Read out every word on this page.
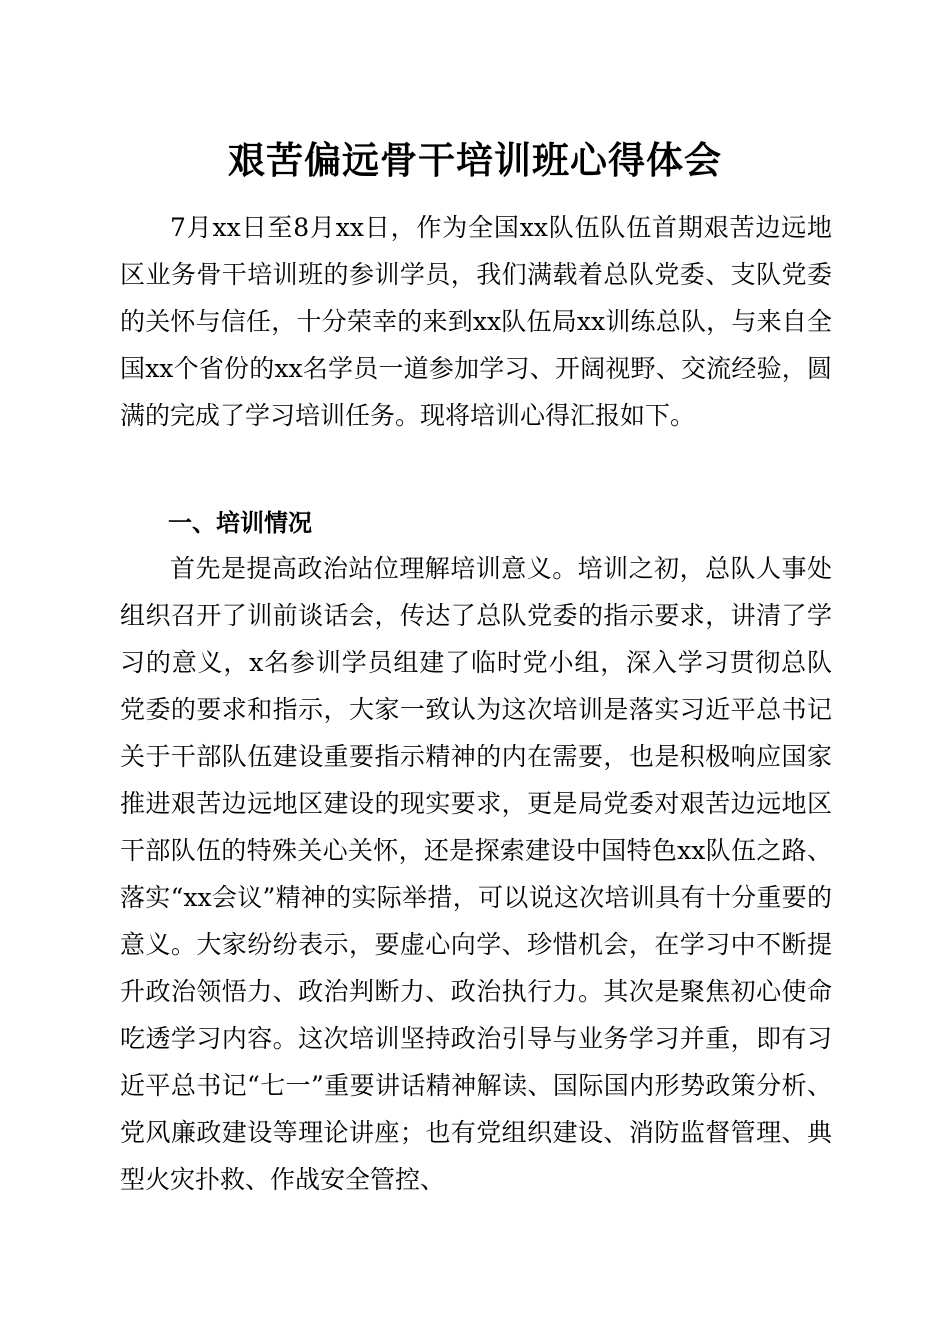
艰苦偏远骨干培训班心得体会

7月xx日至8月xx日，作为全国xx队伍队伍首期艰苦边远地区业务骨干培训班的参训学员，我们满载着总队党委、支队党委的关怀与信任，十分荣幸的来到xx队伍局xx训练总队，与来自全国xx个省份的xx名学员一道参加学习、开阔视野、交流经验，圆满的完成了学习培训任务。现将培训心得汇报如下。

一、培训情况

首先是提高政治站位理解培训意义。培训之初，总队人事处组织召开了训前谈话会，传达了总队党委的指示要求，讲清了学习的意义，x名参训学员组建了临时党小组，深入学习贯彻总队党委的要求和指示，大家一致认为这次培训是落实习近平总书记关于干部队伍建设重要指示精神的内在需要，也是积极响应国家推进艰苦边远地区建设的现实要求，更是局党委对艰苦边远地区干部队伍的特殊关心关怀，还是探索建设中国特色xx队伍之路、落实“xx会议”精神的实际举措，可以说这次培训具有十分重要的意义。大家纷纷表示，要虚心向学、珍惜机会，在学习中不断提升政治领悟力、政治判断力、政治执行力。其次是聚焦初心使命吃透学习内容。这次培训坚持政治引导与业务学习并重，即有习近平总书记“七一”重要讲话精神解读、国际国内形势政策分析、党风廉政建设等理论讲座；也有党组织建设、消防监督管理、典型火灾扑救、作战安全管控、
